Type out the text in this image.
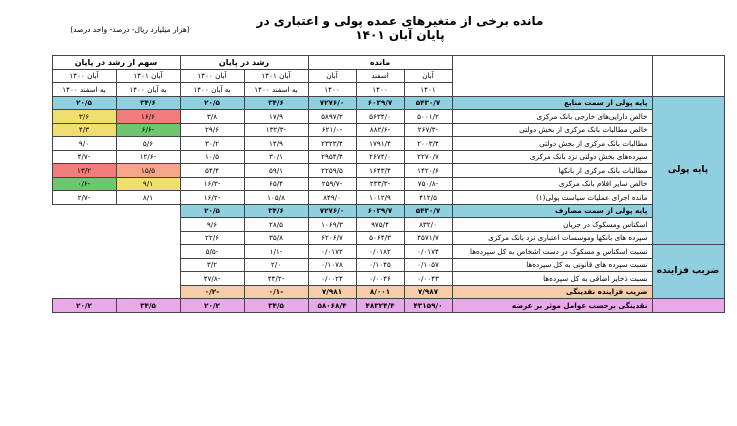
مانده برخی از متغیرهای عمده پولی و اعتباری در پایان آبان ۱۴۰۱
(هزار میلیارد ریال- درصد- واحد درصد)
		مانده			رشد در پایان		سهم از رشد در پایان		
		آبان	اسفند	آبان	آبان ۱۴۰۱	آبان ۱۴۰۰	آبان ۱۴۰۱	آبان ۱۴۰۰	
		۱۴۰۱	۱۴۰۰	۱۴۰۰	به اسفند ۱۴۰۰	به آبان ۱۴۰۰	به آبان ۱۴۰۰	به اسفند ۱۴۰۰	
پایه پولی	پایه پولی از سمت منابع	۵۴۳۰/۷	۶۰۳۹/۷	۷۲۷۶/۰	۳۴/۶	۲۰/۵	۳۴/۶	۲۰/۵	
	خالص دارایی‌های خارجی بانک مرکزی	۵۰۰۱/۲	۵۶۳۴/۰	۵۸۹۷/۲	۱۷/۹	۳/۸	۱۶/۶	۳/۶	
	خالص مطالبات بانک مرکزی از بخش دولتی	-۲۶۷/۳	-۸۸۲/۶	-۶۲۱/۰	-۱۳۲/۳	۲۹/۶	-۶/۶	۴/۳	
	مطالبات بانک مرکزی از بخش دولتی	۲۰۰۳/۴	۱۷۹۱/۴	۲۳۲۳/۴	۱۴/۹	۳۰/۲	۵/۶	۹/۰	
	سپرده‌های بخش دولتی نزد بانک مرکزی	۲۲۷۰/۷	۲۶۷۴/۰	۲۹۵۴/۴	۳۰/۱	۱۰/۵	-۱۲/۶	-۴/۷	
	مطالبات بانک مرکزی از بانکها	۱۴۲۰/۶	۱۶۴۳/۴	۲۲۵۹/۵	۵۹/۱	۵۴/۴	۱۵/۵	۱۳/۲	
	خالص سایر اقلام بانک مرکزی	-۷۵۰/۸	-۲۳۳/۳	-۲۵۹/۷	۶۵/۴	-۱۶/۳	۹/۱	-۰/۶	
	مانده اجرای عملیات سیاست پولی(۱)	۴۱۲/۵	۱۰۱۲/۹	۸۴۹/۰	۱۰۵/۸	-۱۶/۲	۸/۱	-۲/۷	
	پایه پولی از سمت مصارف	۵۴۳۰/۷	۶۰۳۹/۷	۷۲۷۶/۰	۳۴/۶	۲۰/۵			
	اسکناس ومسکوک در جریان	۸۳۲/۰	۹۷۵/۴	۱۰۶۹/۳	۲۸/۵	۹/۶			
	سپرده های بانکها وموسسات اعتباری نزد بانک مرکزی	۴۵۷۱/۷	۵۰۶۴/۳	۶۲۰۶/۷	۳۵/۸	۲۲/۶			
ضریب فزاینده	نسبت اسکناس و مسکوک در دست اشخاص به کل سپرده‌ها	۰/۰۱۷۴	۰/۰۱۸۲	۰/۰۱۷۲	-۱/۱	-۵/۵			
	نسبت سپرده های قانونی به کل سپرده‌ها	۰/۱۰۵۷	۰/۱۰۴۵	۰/۱۰۷۸	۲/۰	۳/۲			
	نسبت ذخایر اضافی به کل سپرده‌ها	۰/۰۰۴۳	۰/۰۰۴۶	۰/۰۰۲۴	-۴۴/۲	-۴۷/۸			
	ضریب فزاینده نقدینگی	۷/۹۸۷	۸/۰۰۱	۷/۹۸۱	-۰/۱	-۰/۲			
	نقدینگی برحسب عوامل موثر بر عرضه	۴۳۱۵۹/۰	۴۸۳۲۴/۴	۵۸۰۶۸/۴	۳۴/۵	۲۰/۲	۳۴/۵	۲۰/۲	
